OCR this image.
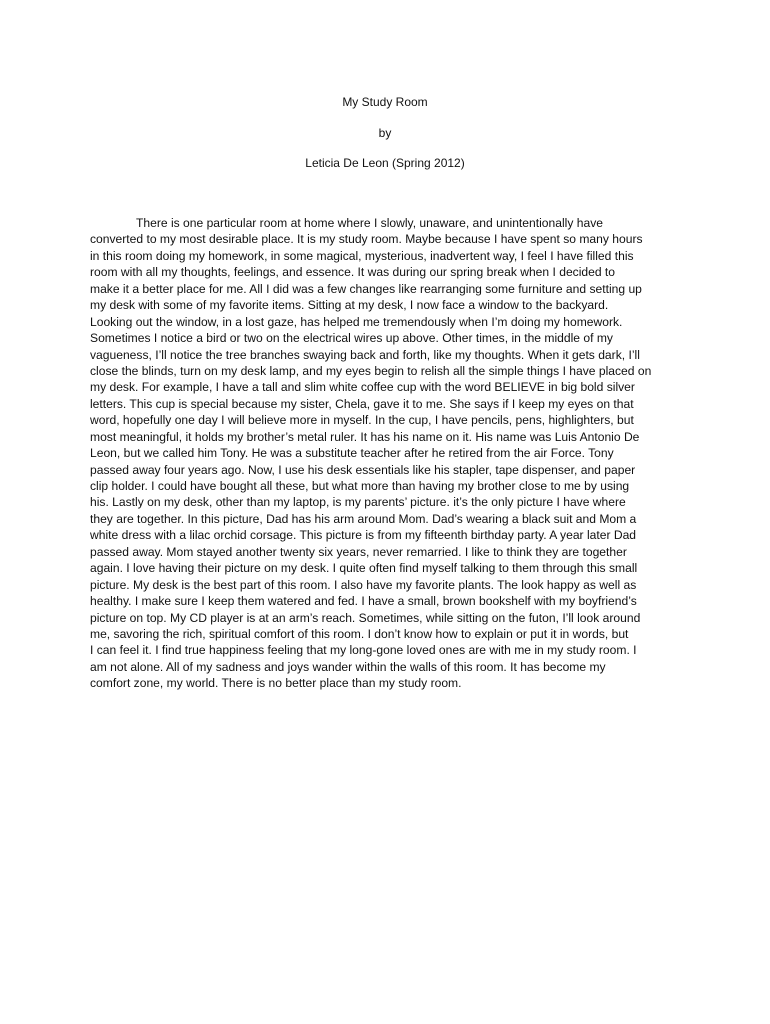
My Study Room
by
Leticia De Leon (Spring 2012)
There is one particular room at home where I slowly, unaware, and unintentionally have
converted to my most desirable place. It is my study room. Maybe because I have spent so many hours
in this room doing my homework, in some magical, mysterious, inadvertent way, I feel I have filled this
room with all my thoughts, feelings, and essence. It was during our spring break when I decided to
make it a better place for me. All I did was a few changes like rearranging some furniture and setting up
my desk with some of my favorite items. Sitting at my desk, I now face a window to the backyard.
Looking out the window, in a lost gaze, has helped me tremendously when I’m doing my homework.
Sometimes I notice a bird or two on the electrical wires up above. Other times, in the middle of my
vagueness, I’ll notice the tree branches swaying back and forth, like my thoughts. When it gets dark, I’ll
close the blinds, turn on my desk lamp, and my eyes begin to relish all the simple things I have placed on
my desk. For example, I have a tall and slim white coffee cup with the word BELIEVE in big bold silver
letters. This cup is special because my sister, Chela, gave it to me. She says if I keep my eyes on that
word, hopefully one day I will believe more in myself. In the cup, I have pencils, pens, highlighters, but
most meaningful, it holds my brother’s metal ruler. It has his name on it. His name was Luis Antonio De
Leon, but we called him Tony. He was a substitute teacher after he retired from the air Force. Tony
passed away four years ago. Now, I use his desk essentials like his stapler, tape dispenser, and paper
clip holder. I could have bought all these, but what more than having my brother close to me by using
his. Lastly on my desk, other than my laptop, is my parents’ picture. it’s the only picture I have where
they are together. In this picture, Dad has his arm around Mom. Dad’s wearing a black suit and Mom a
white dress with a lilac orchid corsage. This picture is from my fifteenth birthday party. A year later Dad
passed away. Mom stayed another twenty six years, never remarried. I like to think they are together
again. I love having their picture on my desk. I quite often find myself talking to them through this small
picture. My desk is the best part of this room. I also have my favorite plants. The look happy as well as
healthy. I make sure I keep them watered and fed. I have a small, brown bookshelf with my boyfriend’s
picture on top. My CD player is at an arm’s reach. Sometimes, while sitting on the futon, I’ll look around
me, savoring the rich, spiritual comfort of this room. I don’t know how to explain or put it in words, but
I can feel it. I find true happiness feeling that my long-gone loved ones are with me in my study room. I
am not alone. All of my sadness and joys wander within the walls of this room. It has become my
comfort zone, my world. There is no better place than my study room.
